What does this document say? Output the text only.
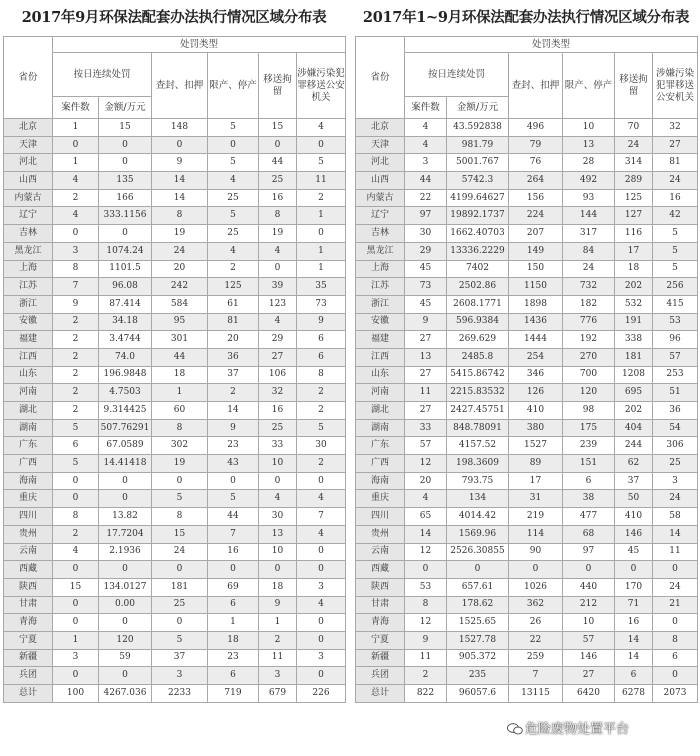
2017年9月环保法配套办法执行情况区域分布表
省份	处罚类型					
	按日连续处罚		查封、扣押	限产、停产	移送拘留	涉嫌污染犯罪移送公安机关
	案件数	金额/万元				
北京	1	15	148	5	15	4
天津	0	0	0	0	0	0
河北	1	0	9	5	44	5
山西	4	135	14	4	25	11
内蒙古	2	166	14	25	16	2
辽宁	4	333.1156	8	5	8	1
吉林	0	0	19	25	19	0
黑龙江	3	1074.24	24	4	4	1
上海	8	1101.5	20	2	0	1
江苏	7	96.08	242	125	39	35
浙江	9	87.414	584	61	123	73
安徽	2	34.18	95	81	4	9
福建	2	3.4744	301	20	29	6
江西	2	74.0	44	36	27	6
山东	2	196.9848	18	37	106	8
河南	2	4.7503	1	2	32	2
湖北	2	9.314425	60	14	16	2
湖南	5	507.76291	8	9	25	5
广东	6	67.0589	302	23	33	30
广西	5	14.41418	19	43	10	2
海南	0	0	0	0	0	0
重庆	0	0	5	5	4	4
四川	8	13.82	8	44	30	7
贵州	2	17.7204	15	7	13	4
云南	4	2.1936	24	16	10	0
西藏	0	0	0	0	0	0
陕西	15	134.0127	181	69	18	3
甘肃	0	0.00	25	6	9	4
青海	0	0	0	1	1	0
宁夏	1	120	5	18	2	0
新疆	3	59	37	23	11	3
兵团	0	0	3	6	3	0
总计	100	4267.036	2233	719	679	226
2017年1~9月环保法配套办法执行情况区域分布表
省份	处罚类型					
	按日连续处罚		查封、扣押	限产、停产	移送拘留	涉嫌污染犯罪移送公安机关
	案件数	金额/万元				
北京	4	43.592838	496	10	70	32
天津	4	981.79	79	13	24	27
河北	3	5001.767	76	28	314	81
山西	44	5742.3	264	492	289	24
内蒙古	22	4199.64627	156	93	125	16
辽宁	97	19892.1737	224	144	127	42
吉林	30	1662.40703	207	317	116	5
黑龙江	29	13336.2229	149	84	17	5
上海	45	7402	150	24	18	5
江苏	73	2502.86	1150	732	202	256
浙江	45	2608.1771	1898	182	532	415
安徽	9	596.9384	1436	776	191	53
福建	27	269.629	1444	192	338	96
江西	13	2485.8	254	270	181	57
山东	27	5415.86742	346	700	1208	253
河南	11	2215.83532	126	120	695	51
湖北	27	2427.45751	410	98	202	36
湖南	33	848.78091	380	175	404	54
广东	57	4157.52	1527	239	244	306
广西	12	198.3609	89	151	62	25
海南	20	793.75	17	6	37	3
重庆	4	134	31	38	50	24
四川	65	4014.42	219	477	410	58
贵州	14	1569.96	114	68	146	14
云南	12	2526.30855	90	97	45	11
西藏	0	0	0	0	0	0
陕西	53	657.61	1026	440	170	24
甘肃	8	178.62	362	212	71	21
青海	12	1525.65	26	10	16	0
宁夏	9	1527.78	22	57	14	8
新疆	11	905.372	259	146	14	6
兵团	2	235	7	27	6	0
总计	822	96057.6	13115	6420	6278	2073
危险废物处置平台
